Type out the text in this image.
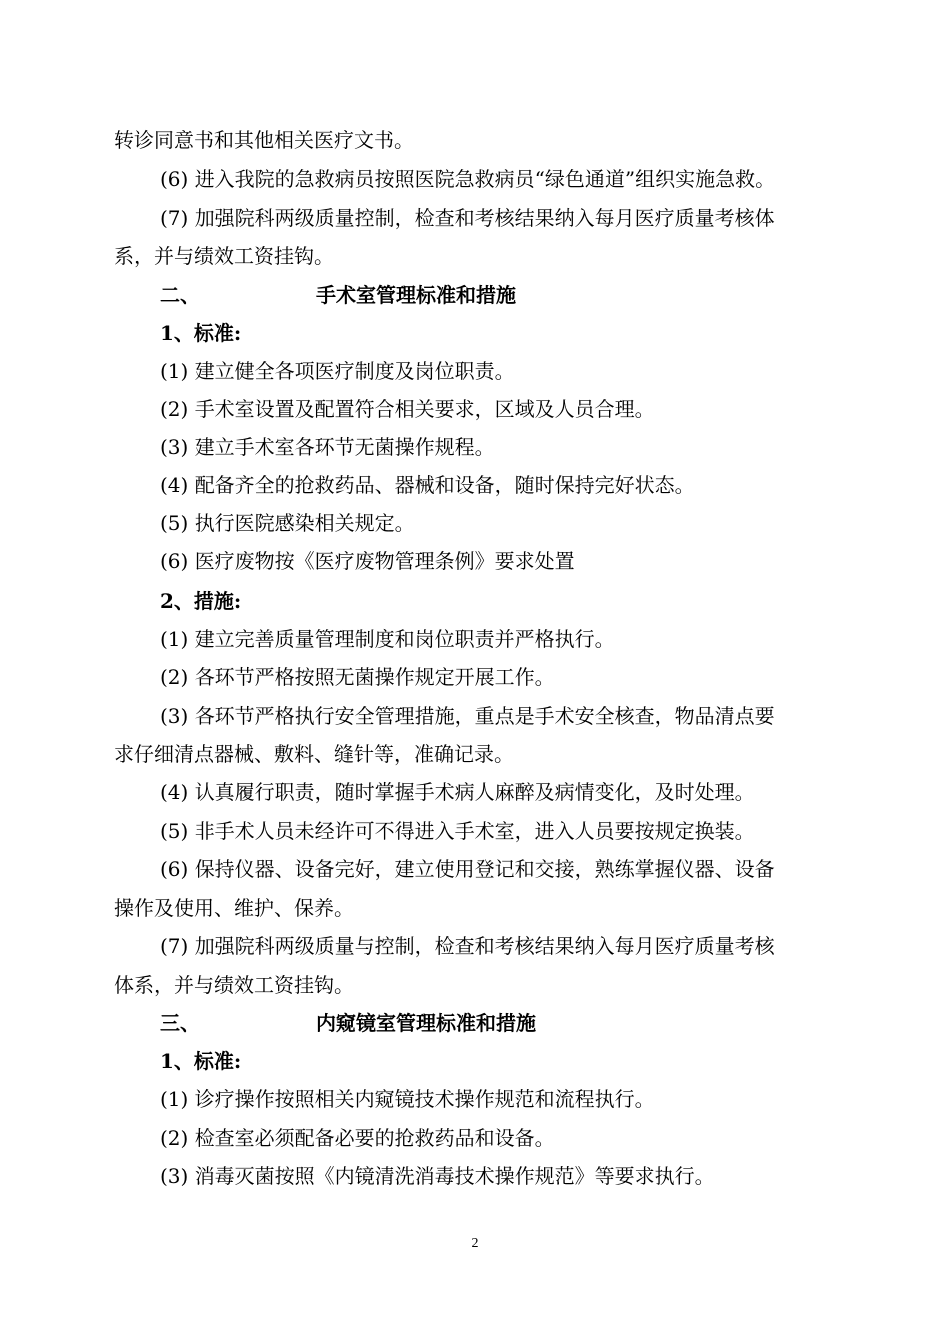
转诊同意书和其他相关医疗文书。
(6) 进入我院的急救病员按照医院急救病员“绿色通道”组织实施急救。
(7) 加强院科两级质量控制，检查和考核结果纳入每月医疗质量考核体
系，并与绩效工资挂钩。
二、	手术室管理标准和措施
1、标准:
(1) 建立健全各项医疗制度及岗位职责。
(2) 手术室设置及配置符合相关要求，区域及人员合理。
(3) 建立手术室各环节无菌操作规程。
(4) 配备齐全的抢救药品、器械和设备，随时保持完好状态。
(5) 执行医院感染相关规定。
(6) 医疗废物按《医疗废物管理条例》要求处置
2、措施:
(1) 建立完善质量管理制度和岗位职责并严格执行。
(2) 各环节严格按照无菌操作规定开展工作。
(3) 各环节严格执行安全管理措施，重点是手术安全核查，物品清点要
求仔细清点器械、敷料、缝针等，准确记录。
(4) 认真履行职责，随时掌握手术病人麻醉及病情变化，及时处理。
(5) 非手术人员未经许可不得进入手术室，进入人员要按规定换装。
(6) 保持仪器、设备完好，建立使用登记和交接，熟练掌握仪器、设备
操作及使用、维护、保养。
(7) 加强院科两级质量与控制，检查和考核结果纳入每月医疗质量考核
体系，并与绩效工资挂钩。
三、	内窥镜室管理标准和措施
1、标准:
(1) 诊疗操作按照相关内窥镜技术操作规范和流程执行。
(2) 检查室必须配备必要的抢救药品和设备。
(3) 消毒灭菌按照《内镜清洗消毒技术操作规范》等要求执行。
2
